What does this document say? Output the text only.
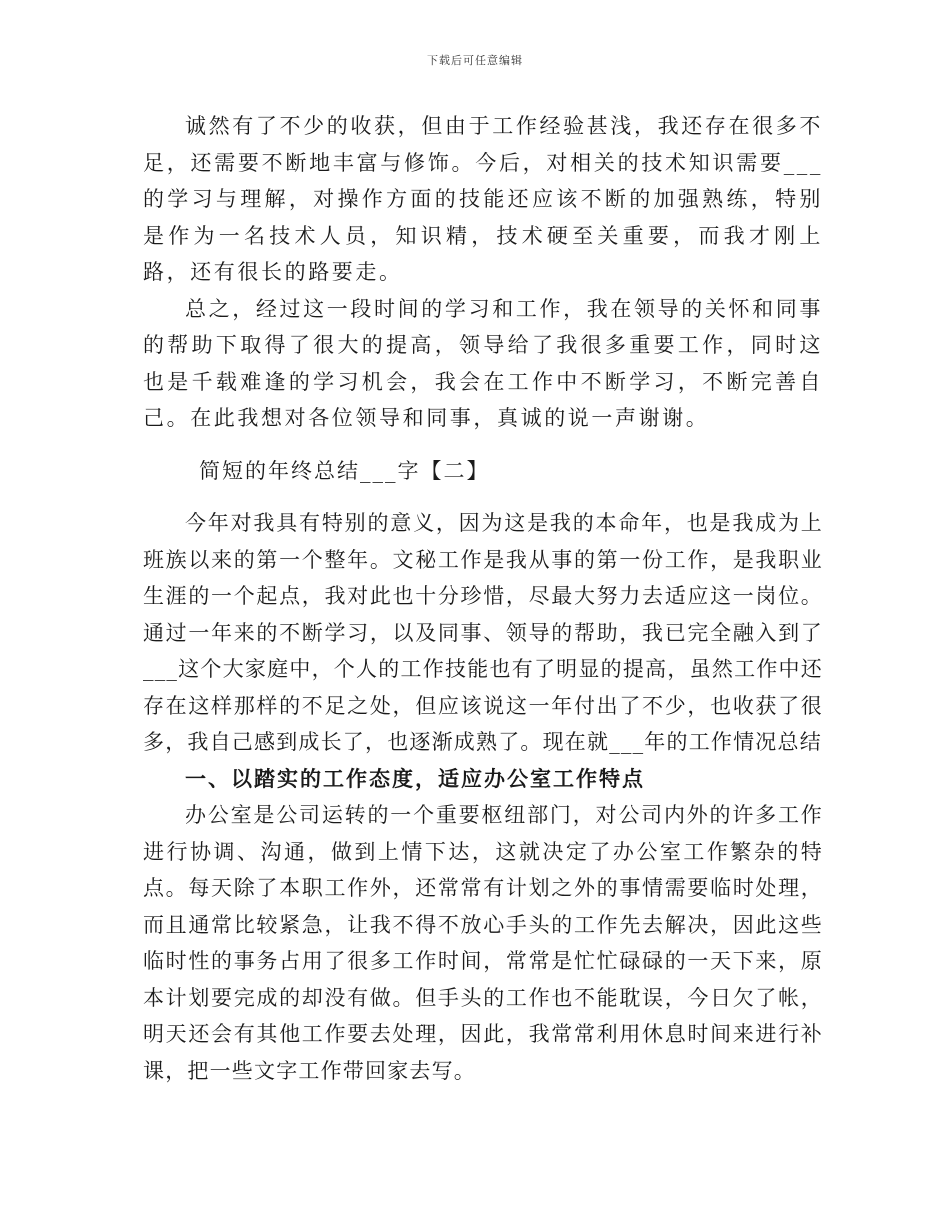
下载后可任意编辑

诚然有了不少的收获，但由于工作经验甚浅，我还存在很多不足，还需要不断地丰富与修饰。今后，对相关的技术知识需要___的学习与理解，对操作方面的技能还应该不断的加强熟练，特别是作为一名技术人员，知识精，技术硬至关重要，而我才刚上路，还有很长的路要走。

总之，经过这一段时间的学习和工作，我在领导的关怀和同事的帮助下取得了很大的提高，领导给了我很多重要工作，同时这也是千载难逢的学习机会，我会在工作中不断学习，不断完善自己。在此我想对各位领导和同事，真诚的说一声谢谢。

简短的年终总结___字【二】

今年对我具有特别的意义，因为这是我的本命年，也是我成为上班族以来的第一个整年。文秘工作是我从事的第一份工作，是我职业生涯的一个起点，我对此也十分珍惜，尽最大努力去适应这一岗位。通过一年来的不断学习，以及同事、领导的帮助，我已完全融入到了___这个大家庭中，个人的工作技能也有了明显的提高，虽然工作中还存在这样那样的不足之处，但应该说这一年付出了不少，也收获了很多，我自己感到成长了，也逐渐成熟了。现在就___年的工作情况总结

一、以踏实的工作态度，适应办公室工作特点

办公室是公司运转的一个重要枢纽部门，对公司内外的许多工作进行协调、沟通，做到上情下达，这就决定了办公室工作繁杂的特点。每天除了本职工作外，还常常有计划之外的事情需要临时处理，而且通常比较紧急，让我不得不放心手头的工作先去解决，因此这些临时性的事务占用了很多工作时间，常常是忙忙碌碌的一天下来，原本计划要完成的却没有做。但手头的工作也不能耽误，今日欠了帐，明天还会有其他工作要去处理，因此，我常常利用休息时间来进行补课，把一些文字工作带回家去写。
